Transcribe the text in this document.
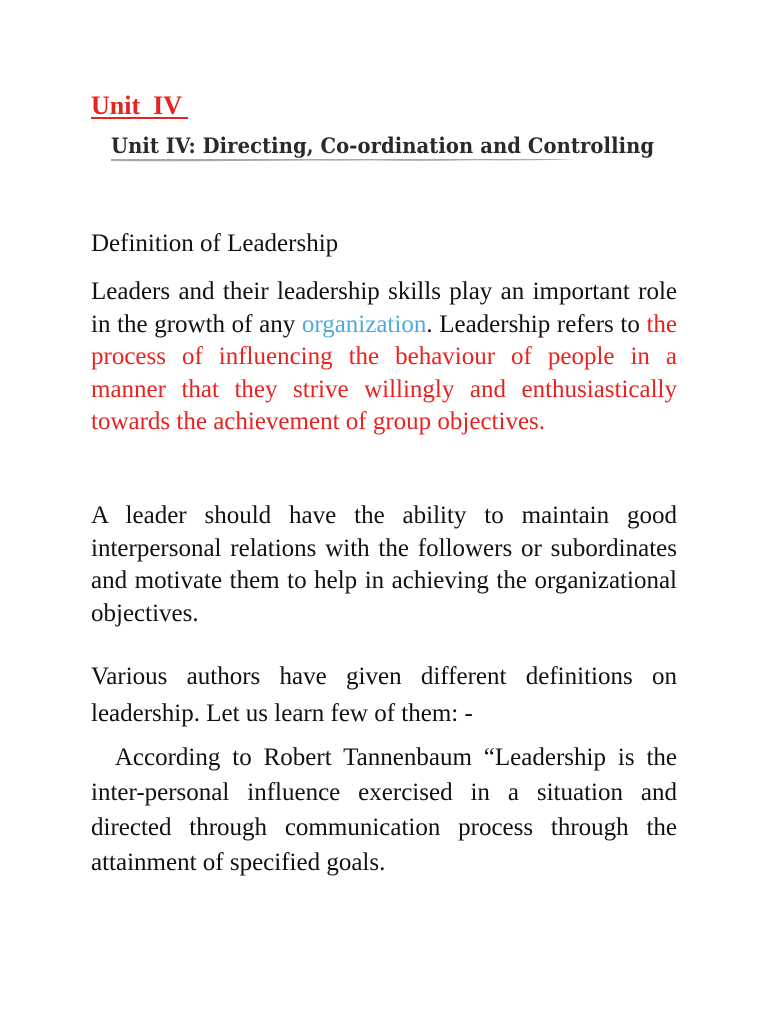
Unit  IV
Unit IV: Directing, Co-ordination and Controlling
Definition of Leadership
Leaders and their leadership skills play an important role in the growth of any organization. Leadership refers to the process of influencing the behaviour of people in a manner that they strive willingly and enthusiastically towards the achievement of group objectives.
A leader should have the ability to maintain good interpersonal relations with the followers or subordinates and motivate them to help in achieving the organizational objectives.
Various authors have given different definitions on leadership. Let us learn few of them: -
According to Robert Tannenbaum “Leadership is the inter-personal influence exercised in a situation and directed through communication process through the attainment of specified goals.
